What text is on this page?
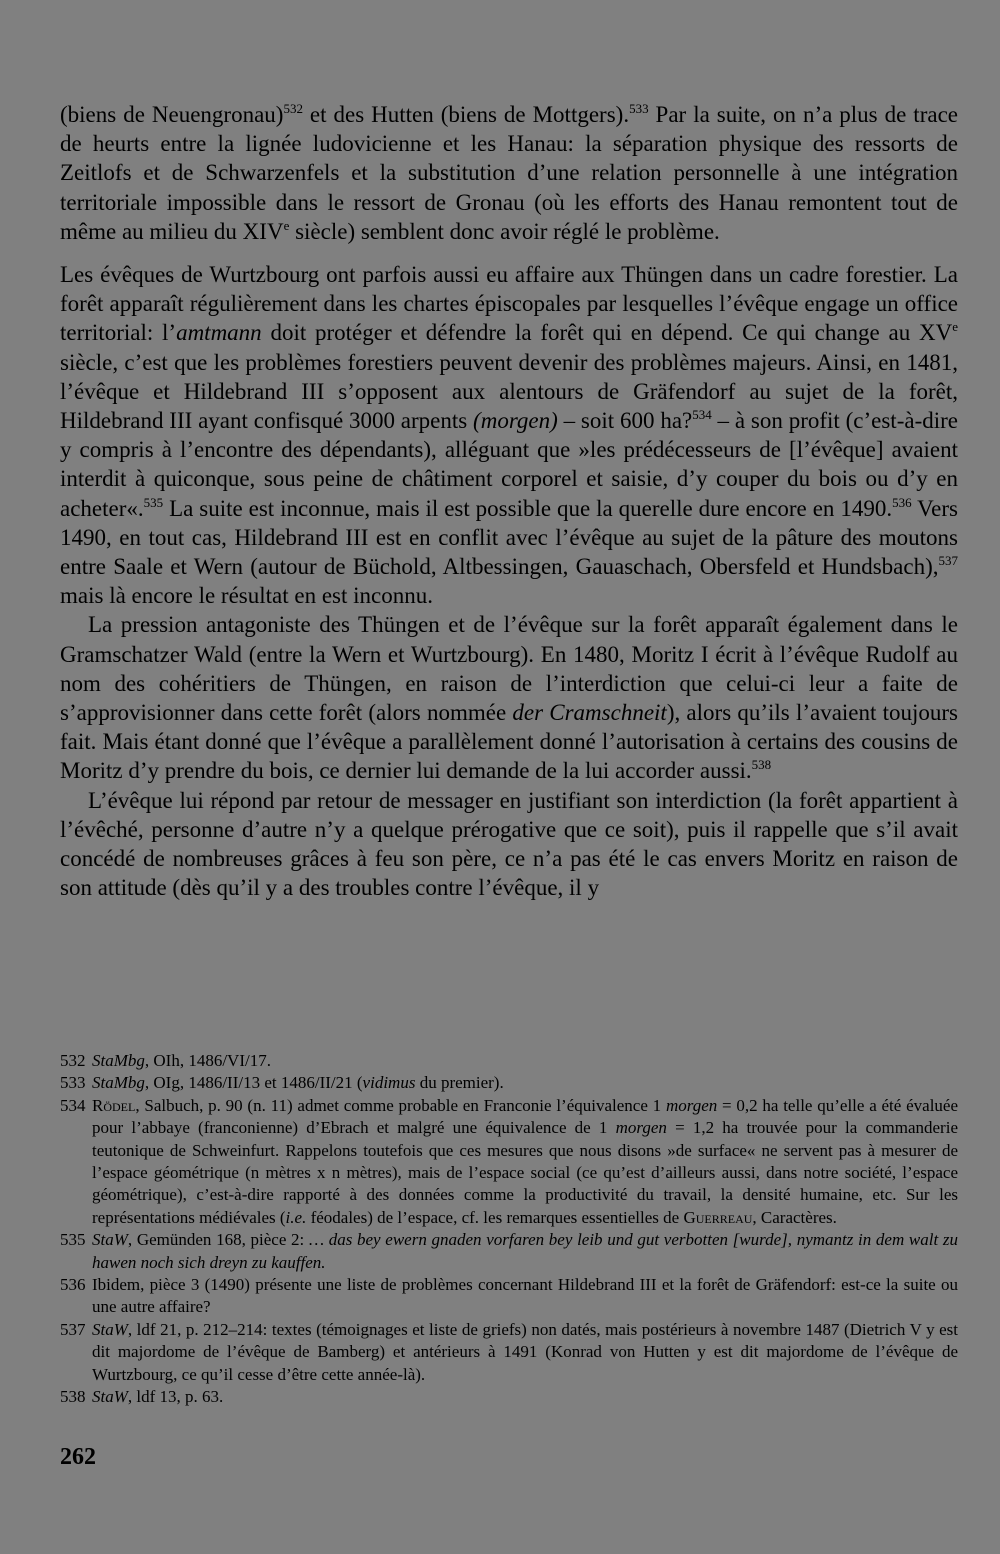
(biens de Neuengronau)$^{532}$ et des Hutten (biens de Mottgers).$^{533}$ Par la suite, on n’a plus de trace de heurts entre la lignée ludovicienne et les Hanau: la séparation physique des ressorts de Zeitlofs et de Schwarzenfels et la substitution d’une relation personnelle à une intégration territoriale impossible dans le ressort de Gronau (où les efforts des Hanau remontent tout de même au milieu du XIVe siècle) semblent donc avoir réglé le problème.

Les évêques de Wurtzbourg ont parfois aussi eu affaire aux Thüngen dans un cadre forestier. La forêt apparaît régulièrement dans les chartes épiscopales par lesquelles l’évêque engage un office territorial: l’amtmann doit protéger et défendre la forêt qui en dépend. Ce qui change au XVe siècle, c’est que les problèmes forestiers peuvent devenir des problèmes majeurs. Ainsi, en 1481, l’évêque et Hildebrand III s’opposent aux alentours de Gräfendorf au sujet de la forêt, Hildebrand III ayant confisqué 3000 arpents (morgen) – soit 600 ha?$^{534}$ – à son profit (c’est-à-dire y compris à l’encontre des dépendants), alléguant que »les prédécesseurs de [l’évêque] avaient interdit à quiconque, sous peine de châtiment corporel et saisie, d’y couper du bois ou d’y en acheter«.$^{535}$ La suite est inconnue, mais il est possible que la querelle dure encore en 1490.$^{536}$ Vers 1490, en tout cas, Hildebrand III est en conflit avec l’évêque au sujet de la pâture des moutons entre Saale et Wern (autour de Büchold, Altbessingen, Gauaschach, Obersfeld et Hundsbach),$^{537}$ mais là encore le résultat en est inconnu.

La pression antagoniste des Thüngen et de l’évêque sur la forêt apparaît également dans le Gramschatzer Wald (entre la Wern et Wurtzbourg). En 1480, Moritz I écrit à l’évêque Rudolf au nom des cohéritiers de Thüngen, en raison de l’interdiction que celui-ci leur a faite de s’approvisionner dans cette forêt (alors nommée der Cramschneit), alors qu’ils l’avaient toujours fait. Mais étant donné que l’évêque a parallèlement donné l’autorisation à certains des cousins de Moritz d’y prendre du bois, ce dernier lui demande de la lui accorder aussi.$^{538}$

L’évêque lui répond par retour de messager en justifiant son interdiction (la forêt appartient à l’évêché, personne d’autre n’y a quelque prérogative que ce soit), puis il rappelle que s’il avait concédé de nombreuses grâces à feu son père, ce n’a pas été le cas envers Moritz en raison de son attitude (dès qu’il y a des troubles contre l’évêque, il y

532 StaMbg, OIh, 1486/VI/17.
533 StaMbg, OIg, 1486/II/13 et 1486/II/21 (vidimus du premier).
534 Rödel, Salbuch, p. 90 (n. 11) admet comme probable en Franconie l’équivalence 1 morgen = 0,2 ha telle qu’elle a été évaluée pour l’abbaye (franconienne) d’Ebrach et malgré une équivalence de 1 morgen = 1,2 ha trouvée pour la commanderie teutonique de Schweinfurt. Rappelons toutefois que ces mesures que nous disons »de surface« ne servent pas à mesurer de l’espace géométrique (n mètres x n mètres), mais de l’espace social (ce qu’est d’ailleurs aussi, dans notre société, l’espace géométrique), c’est-à-dire rapporté à des données comme la productivité du travail, la densité humaine, etc. Sur les représentations médiévales (i.e. féodales) de l’espace, cf. les remarques essentielles de Guerreau, Caractères.
535 StaW, Gemünden 168, pièce 2: … das bey ewern gnaden vorfaren bey leib und gut verbotten [wurde], nymantz in dem walt zu hawen noch sich dreyn zu kauffen.
536 Ibidem, pièce 3 (1490) présente une liste de problèmes concernant Hildebrand III et la forêt de Gräfendorf: est-ce la suite ou une autre affaire?
537 StaW, ldf 21, p. 212–214: textes (témoignages et liste de griefs) non datés, mais postérieurs à novembre 1487 (Dietrich V y est dit majordome de l’évêque de Bamberg) et antérieurs à 1491 (Konrad von Hutten y est dit majordome de l’évêque de Wurtzbourg, ce qu’il cesse d’être cette année-là).
538 StaW, ldf 13, p. 63.
262
